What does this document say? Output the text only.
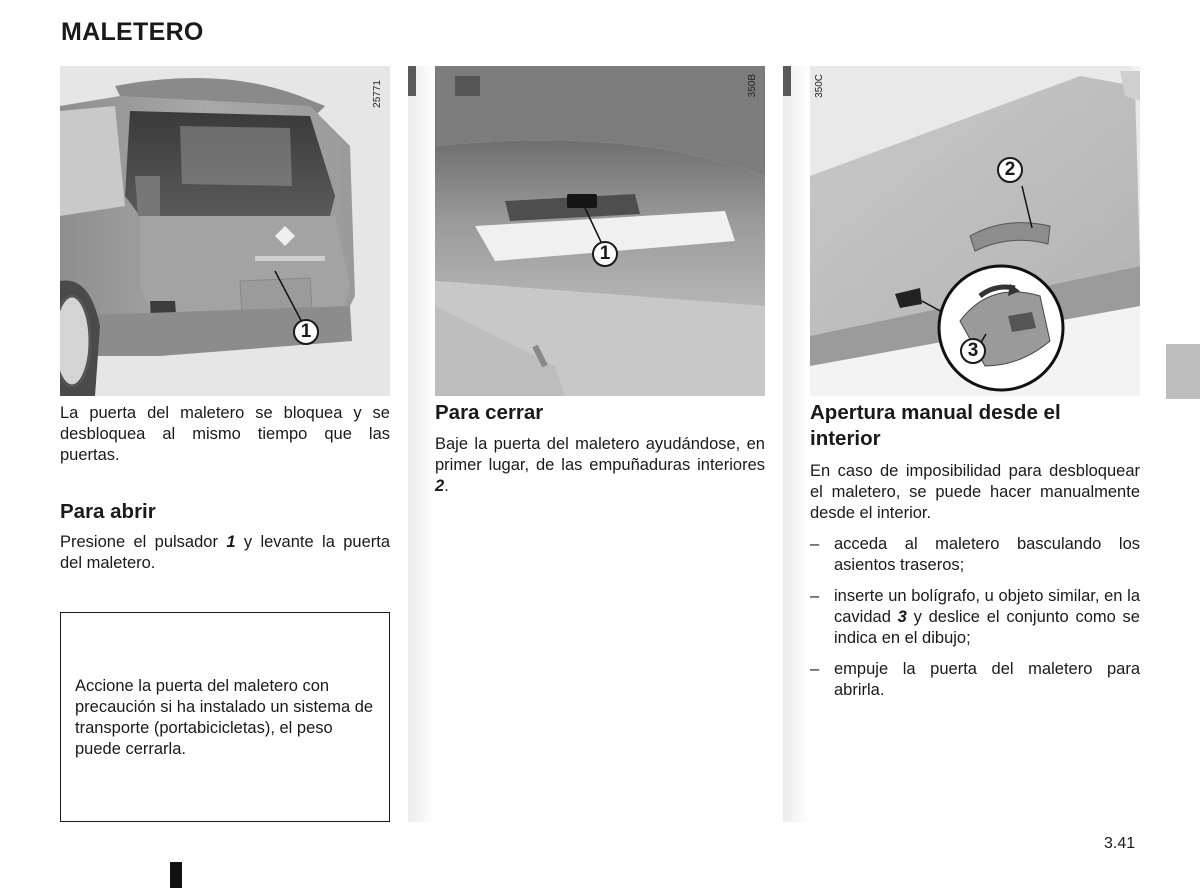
MALETERO
25771
1
350B
1
350C
2
3

La puerta del maletero se bloquea y se desbloquea al mismo tiempo que las puertas.

Para abrir

Presione el pulsador 1 y levante la puerta del maletero.

Accione la puerta del maletero con precaución si ha instalado un sistema de transporte (portabicicletas), el peso puede cerrarla.

Para cerrar

Baje la puerta del maletero ayudándose, en primer lugar, de las empuñaduras interiores 2.

Apertura manual desde el interior

En caso de imposibilidad para desbloquear el maletero, se puede hacer manualmente desde el interior.

– acceda al maletero basculando los asientos traseros;
– inserte un bolígrafo, u objeto similar, en la cavidad 3 y deslice el conjunto como se indica en el dibujo;
– empuje la puerta del maletero para abrirla.
3.41
